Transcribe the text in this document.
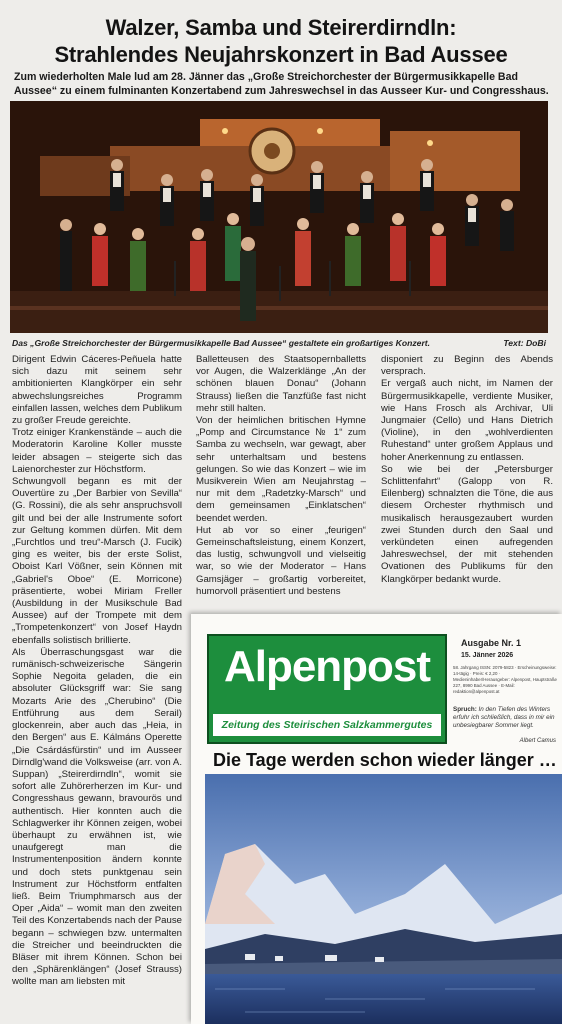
Walzer, Samba und Steirerdirndln:
Strahlendes Neujahrskonzert in Bad Aussee
Zum wiederholten Male lud am 28. Jänner das „Große Streichorchester der Bürgermusikkapelle Bad Aussee“ zu einem fulminanten Konzertabend zum Jahreswechsel in das Ausseer Kur- und Congresshaus.
Das „Große Streichorchester der Bürgermusikkapelle Bad Aussee“ gestaltete ein großartiges Konzert.	Text: DoBi

Dirigent Edwin Cáceres-Peñuela hatte sich dazu mit seinem sehr ambitionierten Klangkörper ein sehr abwechslungsreiches Programm einfallen lassen, welches dem Publikum zu großer Freude gereichte.

Trotz einiger Krankenstände – auch die Moderatorin Karoline Koller musste leider absagen – steigerte sich das Laienorchester zur Höchstform.

Schwungvoll begann es mit der Ouvertüre zu „Der Barbier von Sevilla“ (G. Rossini), die als sehr anspruchsvoll gilt und bei der alle Instrumente sofort zur Geltung kommen dürfen. Mit dem „Furchtlos und treu“-Marsch (J. Fucik) ging es weiter, bis der erste Solist, Oboist Karl Vößner, sein Können mit „Gabriel's Oboe“ (E. Morricone) präsentierte, wobei Miriam Freller (Ausbildung in der Musikschule Bad Aussee) auf der Trompete mit dem „Trompetenkonzert“ von Josef Haydn ebenfalls solistisch brillierte.

Als Überraschungsgast war die rumänisch-schweizerische Sängerin Sophie Negoita geladen, die ein absoluter Glücksgriff war: Sie sang Mozarts Arie des „Cherubino“ (Die Entführung aus dem Serail) glockenrein, aber auch das „Heia, in den Bergen“ aus E. Kálmáns Operette „Die Csárdásfürstin“ und im Ausseer Dirndlg'wand die Volksweise (arr. von A. Suppan) „Steirerdirndln“, womit sie sofort alle Zuhörerherzen im Kur- und Congresshaus gewann, bravourös und authentisch. Hier konnten auch die Schlagwerker ihr Können zeigen, wobei überhaupt zu erwähnen ist, wie unaufgeregt man die Instrumentenposition ändern konnte und doch stets punktgenau sein Instrument zur Höchstform entfalten ließ. Beim Triumphmarsch aus der Oper „Aida“ – womit man den zweiten Teil des Konzertabends nach der Pause begann – schwiegen bzw. untermalten die Streicher und beeindruckten die Bläser mit ihrem Können. Schon bei den „Sphärenklängen“ (Josef Strauss) wollte man am liebsten mit

Balletteusen des Staatsopernballetts vor Augen, die Walzerklänge „An der schönen blauen Donau“ (Johann Strauss) ließen die Tanzfüße fast nicht mehr still halten.

Von der heimlichen britischen Hymne „Pomp and Circumstance № 1“ zum Samba zu wechseln, war gewagt, aber sehr unterhaltsam und bestens gelungen. So wie das Konzert – wie im Musikverein Wien am Neujahrstag – nur mit dem „Radetzky-Marsch“ und dem gemeinsamen „Einklatschen“ beendet werden.

Hut ab vor so einer „feurigen“ Gemeinschaftsleistung, einem Konzert, das lustig, schwungvoll und vielseitig war, so wie der Moderator – Hans Gamsjäger – großartig vorbereitet, humorvoll präsentiert und bestens

disponiert zu Beginn des Abends versprach.

Er vergaß auch nicht, im Namen der Bürgermusikkapelle, verdiente Musiker, wie Hans Frosch als Archivar, Uli Jungmaier (Cello) und Hans Dietrich (Violine), in den „wohlverdienten Ruhestand“ unter großem Applaus und hoher Anerkennung zu entlassen.

So wie bei der „Petersburger Schlittenfahrt“ (Galopp von R. Eilenberg) schnalzten die Töne, die aus diesem Orchester rhythmisch und musikalisch herausgezaubert wurden zwei Stunden durch den Saal und verkündeten einen aufregenden Jahreswechsel, der mit stehenden Ovationen des Publikums für den Klangkörper bedankt wurde.

Alpenpost
Zeitung des Steirischen Salzkammergutes
Ausgabe Nr. 1
15. Jänner 2026
58. Jahrgang ISSN: 2079-5823 · Erscheinungsweise: 14-tägig · Preis: € 2,20 · Medieninhaber/Herausgeber: Alpenpost, Hauptstraße 227, 8990 Bad Aussee · E-Mail: redaktion@alpenpost.at
Spruch: In den Tiefen des Winters erfuhr ich schließlich, dass in mir ein unbesiegbarer Sommer liegt.
Albert Camus
Die Tage werden schon wieder länger …
